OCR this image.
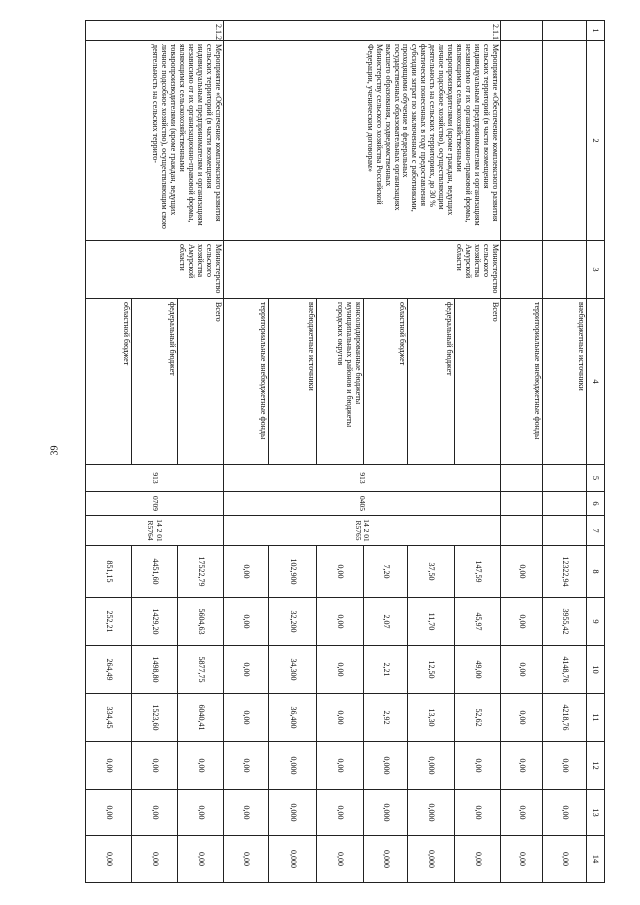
39
1	2	3	4	5	6	7	8	9	10	11	12	13	14
			внебюджетные источники				12322,94	3955,42	4148,76	4218,76	0,00	0,00	0,00
			территориальные внебюджетные фонды				0,00	0,00	0,00	0,00	0,00	0,00	0,00
2.1.1	Мероприятие «Обеспечение комплексного развития сельских территорий (в части возмещения индивидуальным предпринимателям и организациям независимо от их организационно-правовой формы, являющимся сельскохозяйственными товаропроизводителями (кроме граждан, ведущих личное подсобное хозяйство), осуществляющим деятельность на сельских территориях, до 30 % фактически понесенных в году предоставления субсидии затрат по заключенным с работниками, проходящими обучение в федеральных государственных образовательных организациях высшего образования, подведомственных Министерству сельского хозяйства Российской Федерации, ученическим договорам»	Министерство сельского хозяйства Амурской области	Всего	913	0405	14 2 01 R5765	147,59	45,97	49,00	52,62	0,00	0,00	0,00
			федеральный бюджет				37,50	11,70	12,50	13,30	0,000	0,000	0,000
			областной бюджет				7,20	2,07	2,21	2,92	0,000	0,000	0,000
			консолидированные бюджеты муниципальных районов и бюджеты городских округов				0,00	0,00	0,00	0,00	0,00	0,00	0,00
			внебюджетные источники				102,900	32,200	34,300	36,400	0,000	0,000	0,000
			территориальные внебюджетные фонды				0,00	0,00	0,00	0,00	0,00	0,00	0,00
2.1.2	Мероприятие «Обеспечение комплексного развития сельских территорий (в части возмещения индивидуальным предпринимателям и организациям независимо от их организационно-правовой формы, являющимся сельскохозяйственными товаропроизводителями (кроме граждан, ведущих личное подсобное хозяйство), осуществляющим свою деятельность на сельских террито-	Министерство сельского хозяйства Амурской области	Всего	913	0709	14 2 01 R5764	17522,79	5604,63	5877,75	6040,41	0,00	0,00	0,00
			федеральный бюджет				4451,60	1429,20	1498,80	1523,60	0,00	0,00	0,00
			областной бюджет				851,15	252,21	264,49	334,45	0,00	0,00	0,00
